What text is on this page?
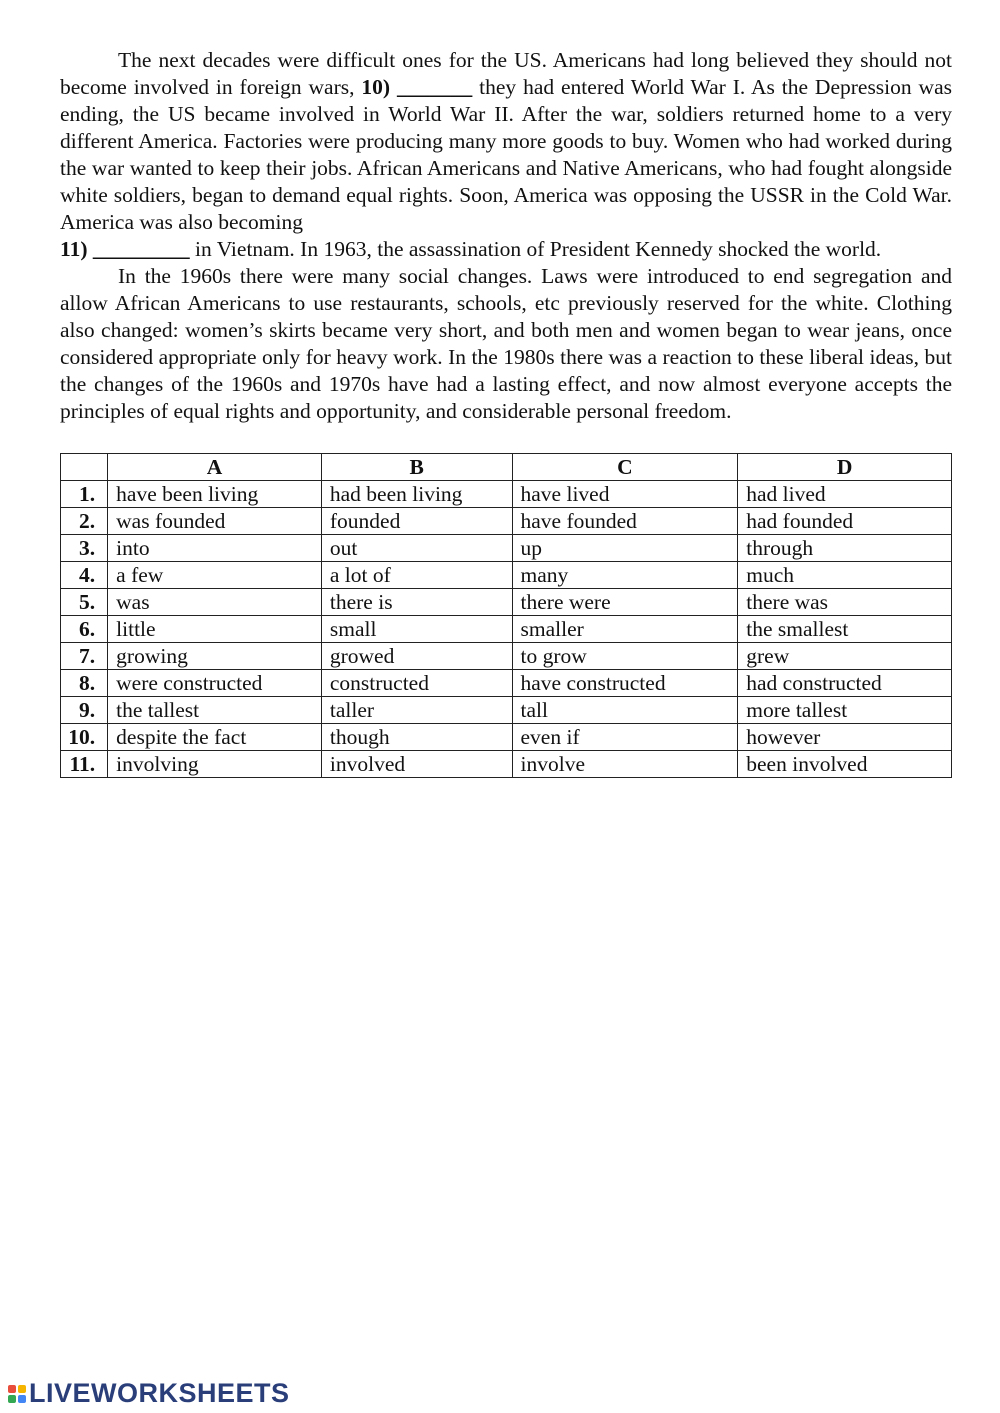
The next decades were difficult ones for the US. Americans had long believed they should not become involved in foreign wars, 10) _______ they had entered World War I. As the Depression was ending, the US became involved in World War II. After the war, soldiers returned home to a very different America. Factories were producing many more goods to buy. Women who had worked during the war wanted to keep their jobs. African Americans and Native Americans, who had fought alongside white soldiers, began to demand equal rights. Soon, America was opposing the USSR in the Cold War. America was also becoming
11) _________ in Vietnam. In 1963, the assassination of President Kennedy shocked the world.

In the 1960s there were many social changes. Laws were introduced to end segregation and allow African Americans to use restaurants, schools, etc previously reserved for the white. Clothing also changed: women’s skirts became very short, and both men and women began to wear jeans, once considered appropriate only for heavy work. In the 1980s there was a reaction to these liberal ideas, but the changes of the 1960s and 1970s have had a lasting effect, and now almost everyone accepts the principles of equal rights and opportunity, and considerable personal freedom.

	A	B	C	D
1.	have been living	had been living	have lived	had lived
2.	was founded	founded	have founded	had founded
3.	into	out	up	through
4.	a few	a lot of	many	much
5.	was	there is	there were	there was
6.	little	small	smaller	the smallest
7.	growing	growed	to grow	grew
8.	were constructed	constructed	have constructed	had constructed
9.	the tallest	taller	tall	more tallest
10.	despite the fact	though	even if	however
11.	involving	involved	involve	been involved
LIVEWORKSHEETS
